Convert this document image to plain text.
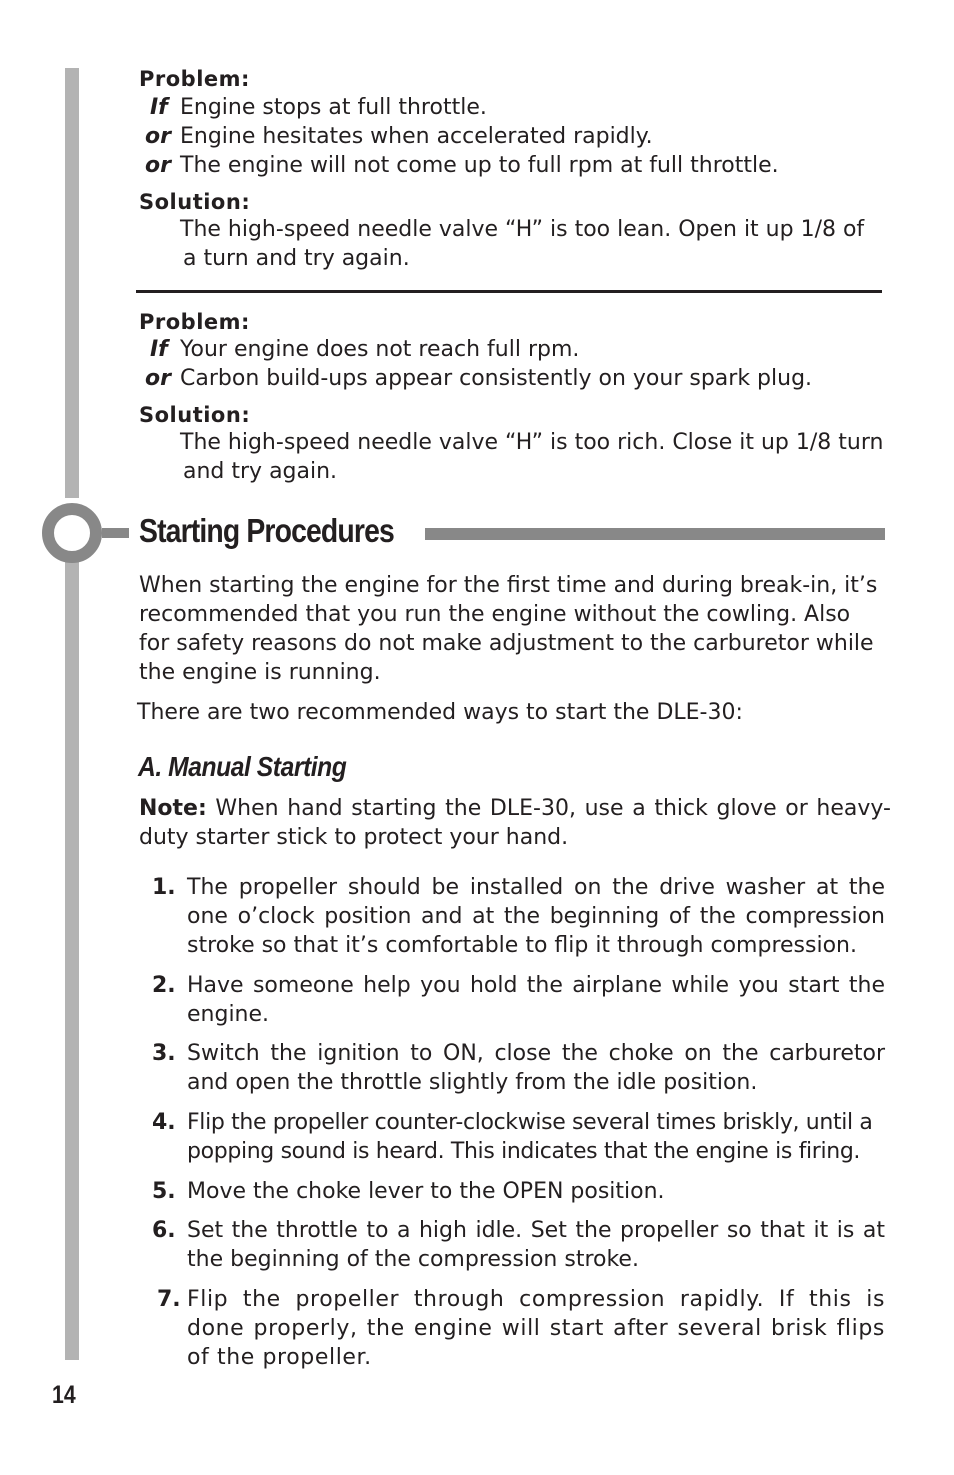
Problem:
If Engine stops at full throttle.
or Engine hesitates when accelerated rapidly.
or The engine will not come up to full rpm at full throttle.
Solution:
The high-speed needle valve “H” is too lean. Open it up 1/8 of
a turn and try again.
Problem:
If Your engine does not reach full rpm.
or Carbon build-ups appear consistently on your spark plug.
Solution:
The high-speed needle valve “H” is too rich. Close it up 1/8 turn
and try again.
Starting Procedures
When starting the engine for the first time and during break-in, it’s recommended that you run the engine without the cowling. Also for safety reasons do not make adjustment to the carburetor while the engine is running.
There are two recommended ways to start the DLE-30:
A. Manual Starting
Note: When hand starting the DLE-30, use a thick glove or heavy-duty starter stick to protect your hand.
1. The propeller should be installed on the drive washer at the one o’clock position and at the beginning of the compression stroke so that it’s comfortable to flip it through compression.
2. Have someone help you hold the airplane while you start the engine.
3. Switch the ignition to ON, close the choke on the carburetor and open the throttle slightly from the idle position.
4. Flip the propeller counter-clockwise several times briskly, until a popping sound is heard. This indicates that the engine is firing.
5. Move the choke lever to the OPEN position.
6. Set the throttle to a high idle. Set the propeller so that it is at the beginning of the compression stroke.
7. Flip the propeller through compression rapidly. If this is done properly, the engine will start after several brisk flips of the propeller.
14
